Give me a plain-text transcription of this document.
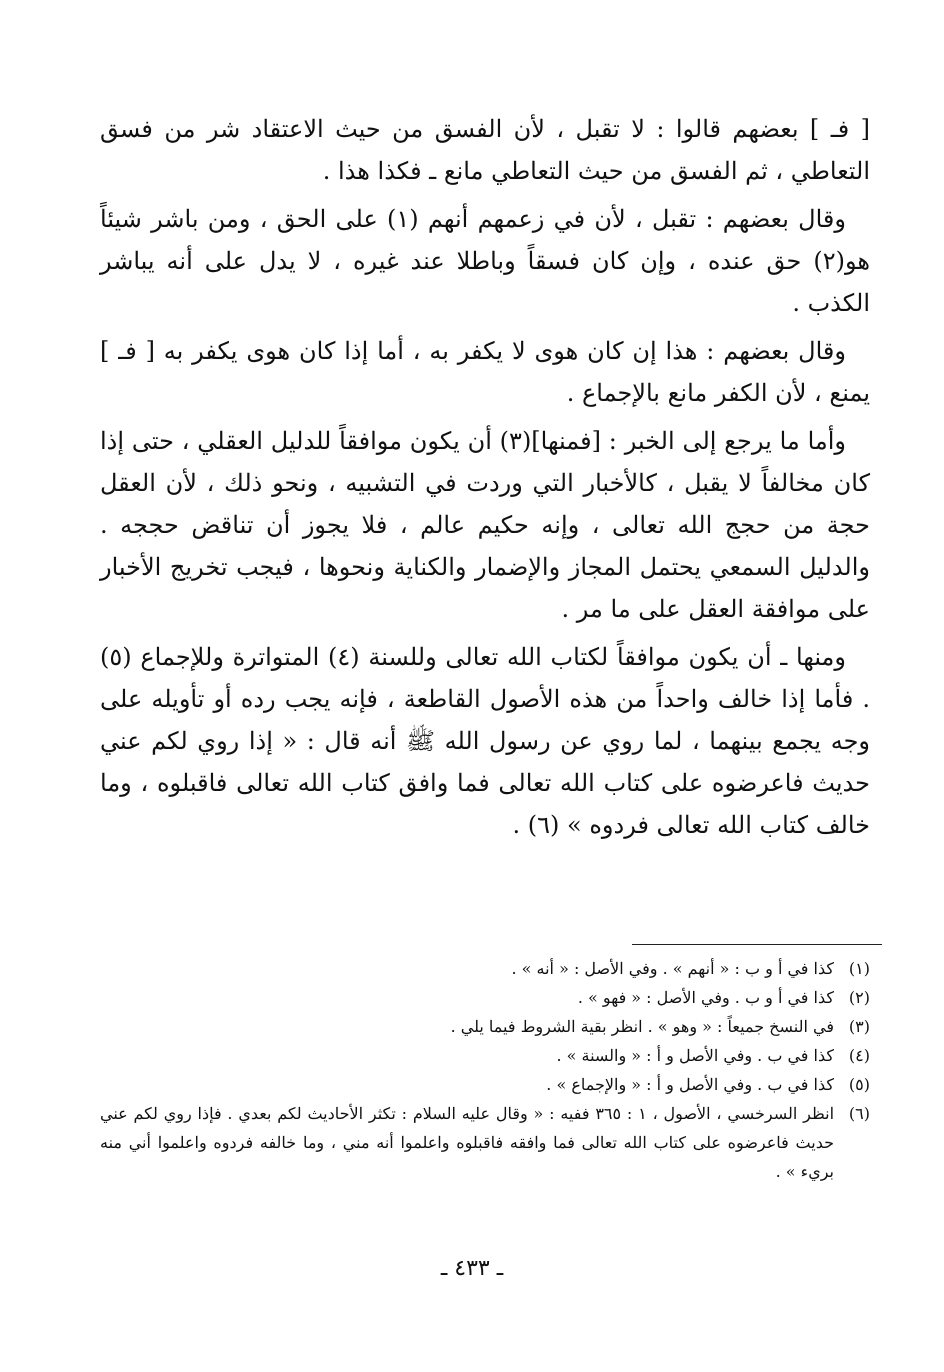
[ فـ ] بعضهم قالوا : لا تقبل ، لأن الفسق من حيث الاعتقاد شر من فسق التعاطي ، ثم الفسق من حيث التعاطي مانع ـ فكذا هذا .

وقال بعضهم : تقبل ، لأن في زعمهم أنهم (١) على الحق ، ومن باشر شيئاً هو(٢) حق عنده ، وإن كان فسقاً وباطلا عند غيره ، لا يدل على أنه يباشر الكذب .

وقال بعضهم : هذا إن كان هوى لا يكفر به ، أما إذا كان هوى يكفر به [ فـ ] يمنع ، لأن الكفر مانع بالإجماع .

وأما ما يرجع إلى الخبر : [فمنها](٣) أن يكون موافقاً للدليل العقلي ، حتى إذا كان مخالفاً لا يقبل ، كالأخبار التي وردت في التشبيه ، ونحو ذلك ، لأن العقل حجة من حجج الله تعالى ، وإنه حكيم عالم ، فلا يجوز أن تناقض حججه . والدليل السمعي يحتمل المجاز والإضمار والكناية ونحوها ، فيجب تخريج الأخبار على موافقة العقل على ما مر .

ومنها ـ أن يكون موافقاً لكتاب الله تعالى وللسنة (٤) المتواترة وللإجماع (٥) . فأما إذا خالف واحداً من هذه الأصول القاطعة ، فإنه يجب رده أو تأويله على وجه يجمع بينهما ، لما روي عن رسول الله ﷺ أنه قال : « إذا روي لكم عني حديث فاعرضوه على كتاب الله تعالى فما وافق كتاب الله تعالى فاقبلوه ، وما خالف كتاب الله تعالى فردوه » (٦) .

(١)
كذا في أ و ب : « أنهم » . وفي الأصل : « أنه » .
(٢)
كذا في أ و ب . وفي الأصل : « فهو » .
(٣)
في النسخ جميعاً : « وهو » . انظر بقية الشروط فيما يلي .
(٤)
كذا في ب . وفي الأصل و أ : « والسنة » .
(٥)
كذا في ب . وفي الأصل و أ : « والإجماع » .
(٦)
انظر السرخسي ، الأصول ، ١ : ٣٦٥ ففيه : « وقال عليه السلام : تكثر الأحاديث لكم بعدي . فإذا روي لكم عني حديث فاعرضوه على كتاب الله تعالى فما وافقه فاقبلوه واعلموا أنه مني ، وما خالفه فردوه واعلموا أني منه بريء » .
ـ ٤٣٣ ـ
